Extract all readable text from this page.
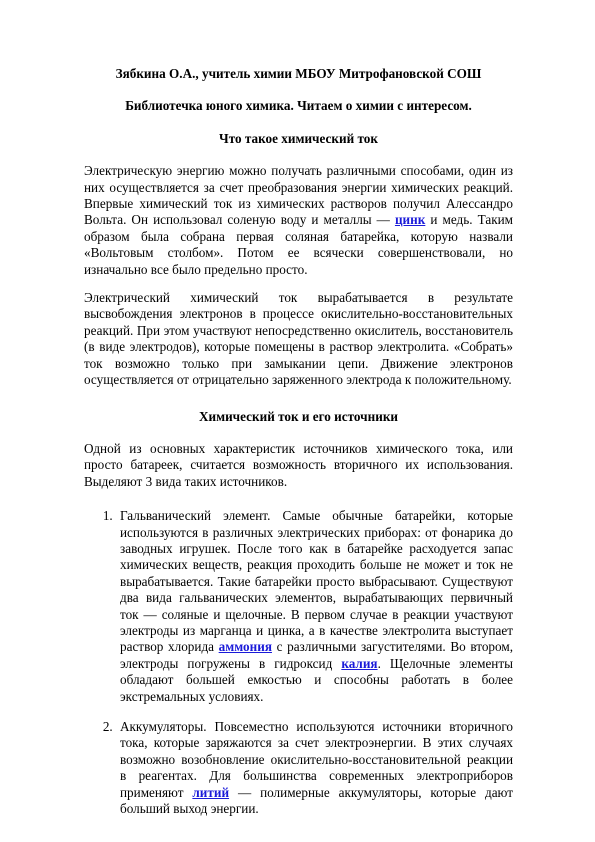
Зябкина О.А., учитель химии МБОУ Митрофановской СОШ

Библиотечка юного химика. Читаем о химии с интересом.

Что такое химический ток

Электрическую энергию можно получать различными способами, один из них осуществляется за счет преобразования энергии химических реакций. Впервые химический ток из химических растворов получил Алессандро Вольта. Он использовал соленую воду и металлы — цинк и медь. Таким образом была собрана первая соляная батарейка, которую назвали «Вольтовым столбом». Потом ее всячески совершенствовали, но изначально все было предельно просто.

Электрический химический ток вырабатывается в результате высвобождения электронов в процессе окислительно-восстановительных реакций. При этом участвуют непосредственно окислитель, восстановитель (в виде электродов), которые помещены в раствор электролита. «Собрать» ток возможно только при замыкании цепи. Движение электронов осуществляется от отрицательно заряженного электрода к положительному.

Химический ток и его источники

Одной из основных характеристик источников химического тока, или просто батареек, считается возможность вторичного их использования. Выделяют 3 вида таких источников.

1. Гальванический элемент. Самые обычные батарейки, которые используются в различных электрических приборах: от фонарика до заводных игрушек. После того как в батарейке расходуется запас химических веществ, реакция проходить больше не может и ток не вырабатывается. Такие батарейки просто выбрасывают. Существуют два вида гальванических элементов, вырабатывающих первичный ток — соляные и щелочные. В первом случае в реакции участвуют электроды из марганца и цинка, а в качестве электролита выступает раствор хлорида аммония с различными загустителями. Во втором, электроды погружены в гидроксид калия. Щелочные элементы обладают большей емкостью и способны работать в более экстремальных условиях.
2. Аккумуляторы. Повсеместно используются источники вторичного тока, которые заряжаются за счет электроэнергии. В этих случаях возможно возобновление окислительно-восстановительной реакции в реагентах. Для большинства современных электроприборов применяют литий — полимерные аккумуляторы, которые дают больший выход энергии.
